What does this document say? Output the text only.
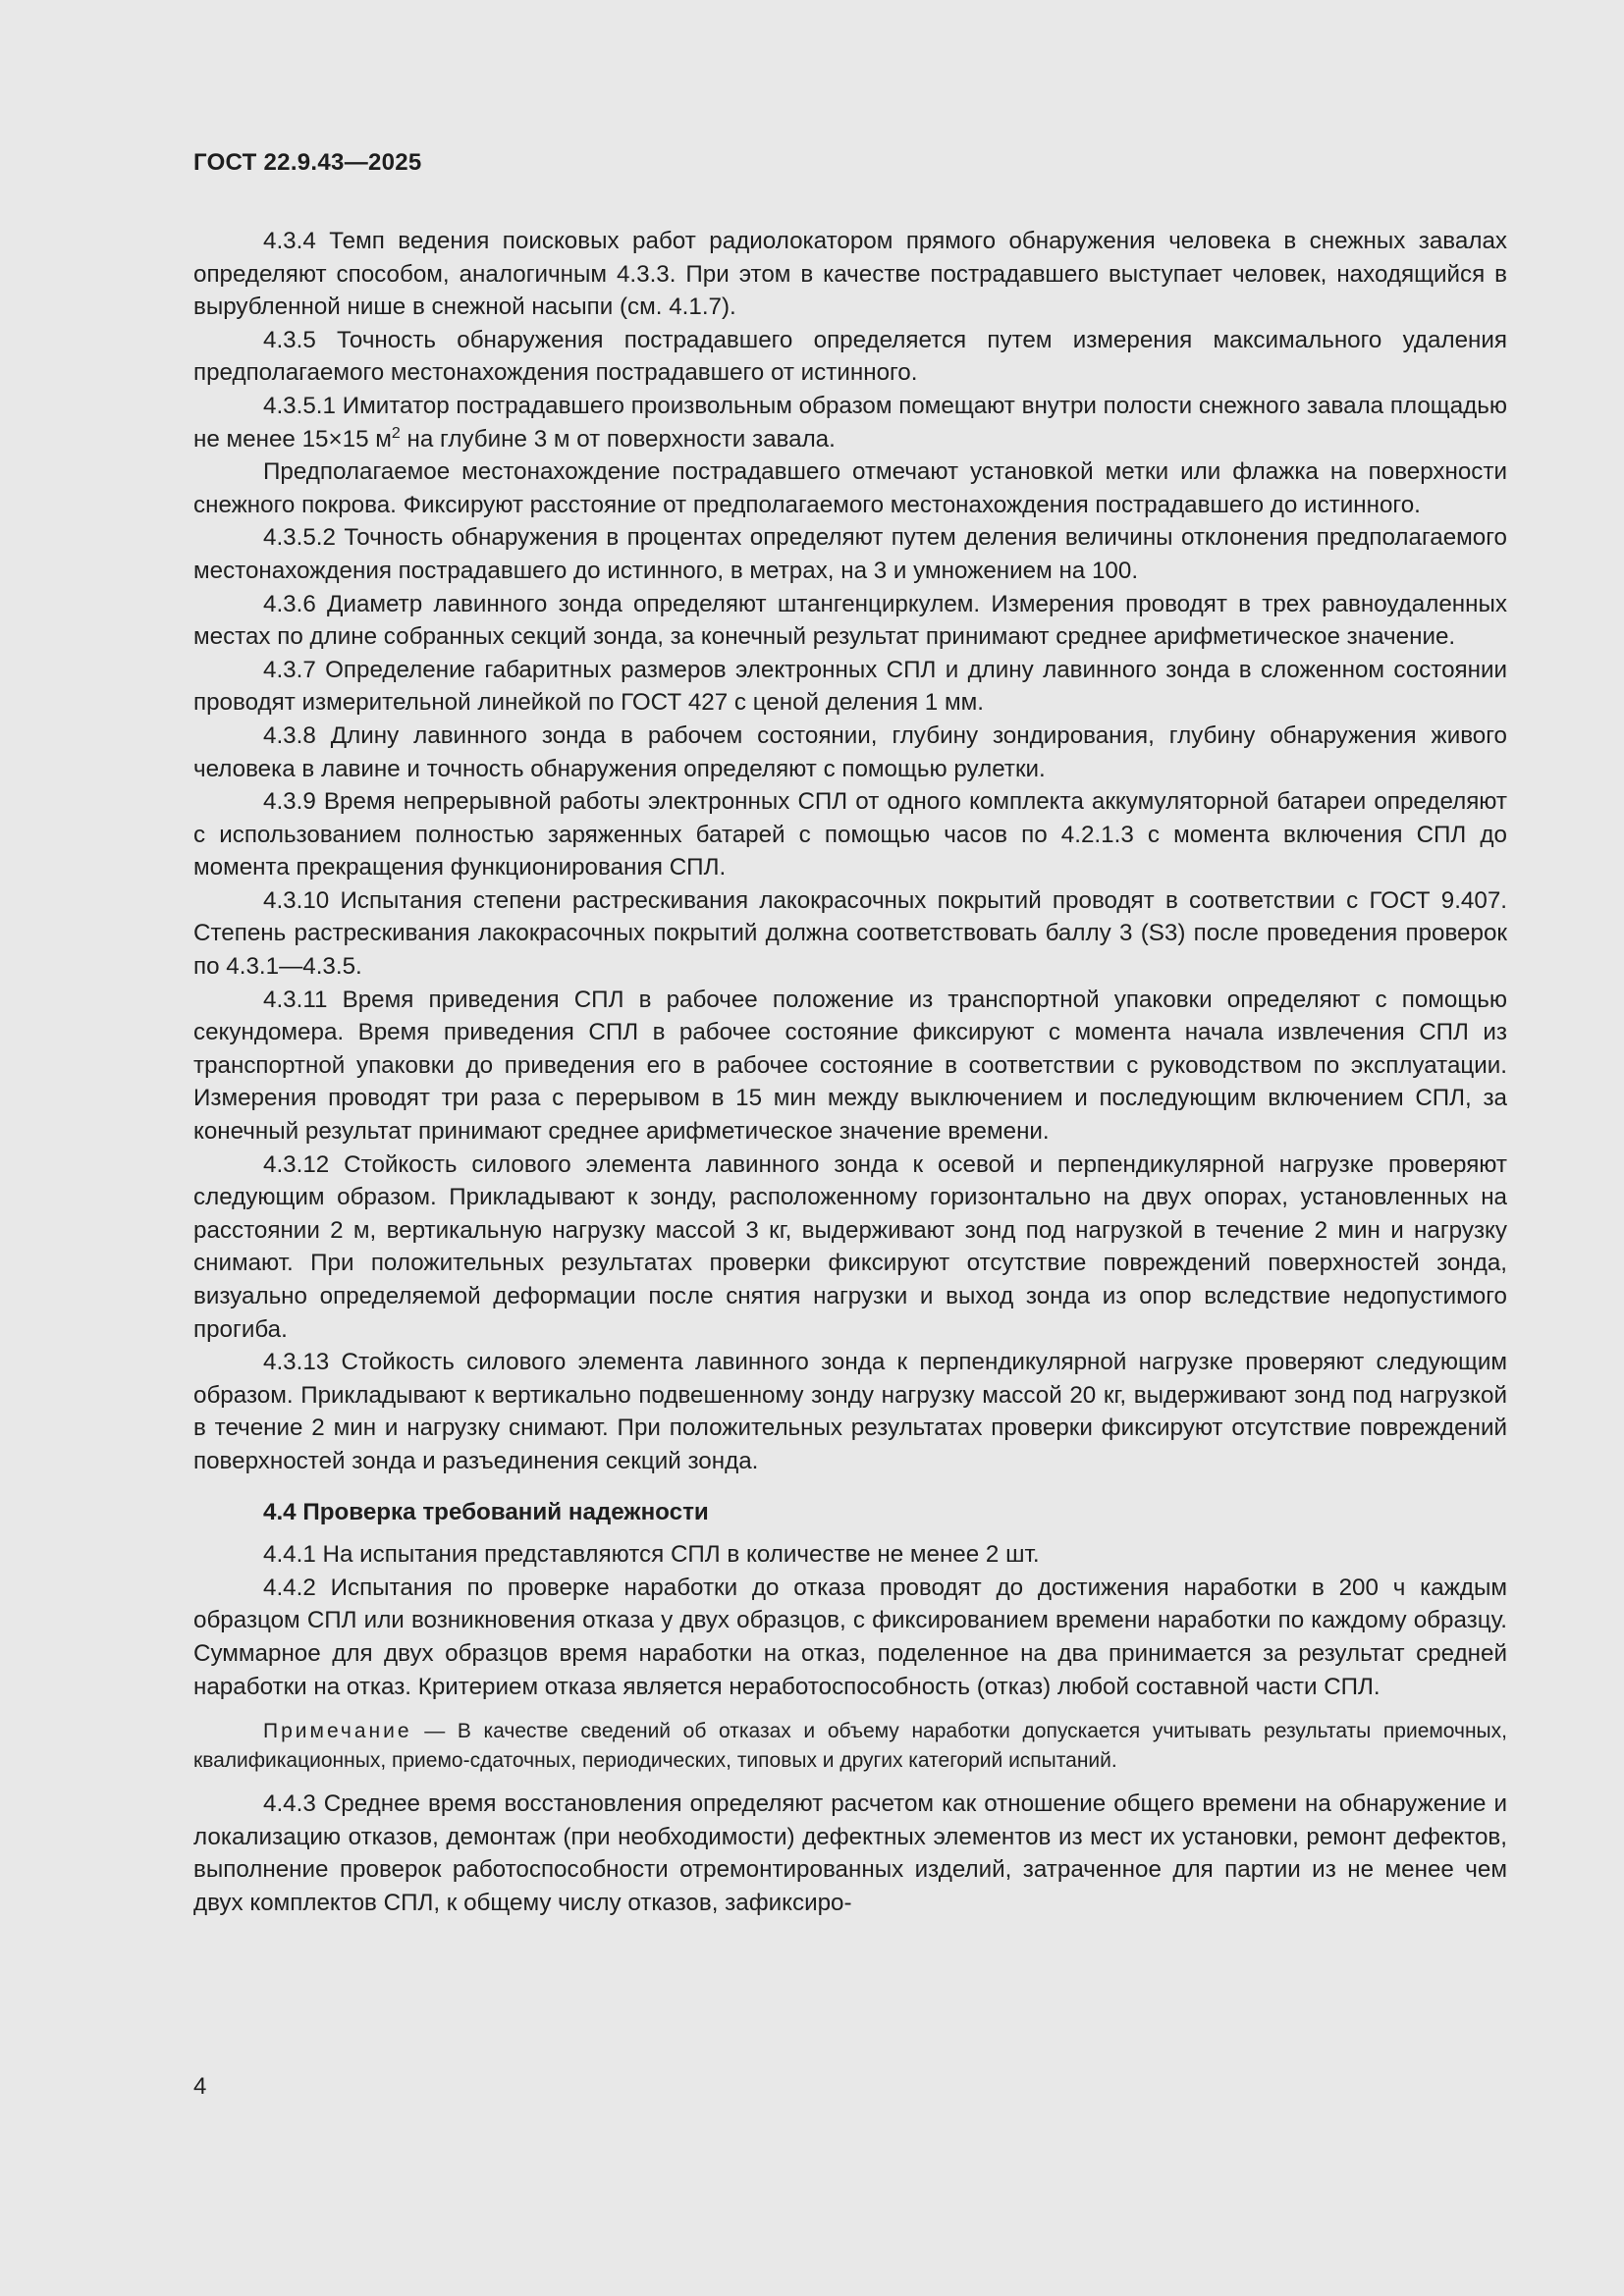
ГОСТ 22.9.43—2025

4.3.4 Темп ведения поисковых работ радиолокатором прямого обнаружения человека в снежных завалах определяют способом, аналогичным 4.3.3. При этом в качестве пострадавшего выступает человек, находящийся в вырубленной нише в снежной насыпи (см. 4.1.7).

4.3.5 Точность обнаружения пострадавшего определяется путем измерения максимального удаления предполагаемого местонахождения пострадавшего от истинного.

4.3.5.1 Имитатор пострадавшего произвольным образом помещают внутри полости снежного завала площадью не менее 15×15 $м^2$ на глубине 3 м от поверхности завала.

Предполагаемое местонахождение пострадавшего отмечают установкой метки или флажка на поверхности снежного покрова. Фиксируют расстояние от предполагаемого местонахождения пострадавшего до истинного.

4.3.5.2 Точность обнаружения в процентах определяют путем деления величины отклонения предполагаемого местонахождения пострадавшего до истинного, в метрах, на 3 и умножением на 100.

4.3.6 Диаметр лавинного зонда определяют штангенциркулем. Измерения проводят в трех равноудаленных местах по длине собранных секций зонда, за конечный результат принимают среднее арифметическое значение.

4.3.7 Определение габаритных размеров электронных СПЛ и длину лавинного зонда в сложенном состоянии проводят измерительной линейкой по ГОСТ 427 с ценой деления 1 мм.

4.3.8 Длину лавинного зонда в рабочем состоянии, глубину зондирования, глубину обнаружения живого человека в лавине и точность обнаружения определяют с помощью рулетки.

4.3.9 Время непрерывной работы электронных СПЛ от одного комплекта аккумуляторной батареи определяют с использованием полностью заряженных батарей с помощью часов по 4.2.1.3 с момента включения СПЛ до момента прекращения функционирования СПЛ.

4.3.10 Испытания степени растрескивания лакокрасочных покрытий проводят в соответствии с ГОСТ 9.407. Степень растрескивания лакокрасочных покрытий должна соответствовать баллу 3 (S3) после проведения проверок по 4.3.1—4.3.5.

4.3.11 Время приведения СПЛ в рабочее положение из транспортной упаковки определяют с помощью секундомера. Время приведения СПЛ в рабочее состояние фиксируют с момента начала извлечения СПЛ из транспортной упаковки до приведения его в рабочее состояние в соответствии с руководством по эксплуатации. Измерения проводят три раза с перерывом в 15 мин между выключением и последующим включением СПЛ, за конечный результат принимают среднее арифметическое значение времени.

4.3.12 Стойкость силового элемента лавинного зонда к осевой и перпендикулярной нагрузке проверяют следующим образом. Прикладывают к зонду, расположенному горизонтально на двух опорах, установленных на расстоянии 2 м, вертикальную нагрузку массой 3 кг, выдерживают зонд под нагрузкой в течение 2 мин и нагрузку снимают. При положительных результатах проверки фиксируют отсутствие повреждений поверхностей зонда, визуально определяемой деформации после снятия нагрузки и выход зонда из опор вследствие недопустимого прогиба.

4.3.13 Стойкость силового элемента лавинного зонда к перпендикулярной нагрузке проверяют следующим образом. Прикладывают к вертикально подвешенному зонду нагрузку массой 20 кг, выдерживают зонд под нагрузкой в течение 2 мин и нагрузку снимают. При положительных результатах проверки фиксируют отсутствие повреждений поверхностей зонда и разъединения секций зонда.

4.4 Проверка требований надежности

4.4.1 На испытания представляются СПЛ в количестве не менее 2 шт.

4.4.2 Испытания по проверке наработки до отказа проводят до достижения наработки в 200 ч каждым образцом СПЛ или возникновения отказа у двух образцов, с фиксированием времени наработки по каждому образцу. Суммарное для двух образцов время наработки на отказ, поделенное на два принимается за результат средней наработки на отказ. Критерием отказа является неработоспособность (отказ) любой составной части СПЛ.

Примечание — В качестве сведений об отказах и объему наработки допускается учитывать результаты приемочных, квалификационных, приемо-сдаточных, периодических, типовых и других категорий испытаний.

4.4.3 Среднее время восстановления определяют расчетом как отношение общего времени на обнаружение и локализацию отказов, демонтаж (при необходимости) дефектных элементов из мест их установки, ремонт дефектов, выполнение проверок работоспособности отремонтированных изделий, затраченное для партии из не менее чем двух комплектов СПЛ, к общему числу отказов, зафиксиро-

4
